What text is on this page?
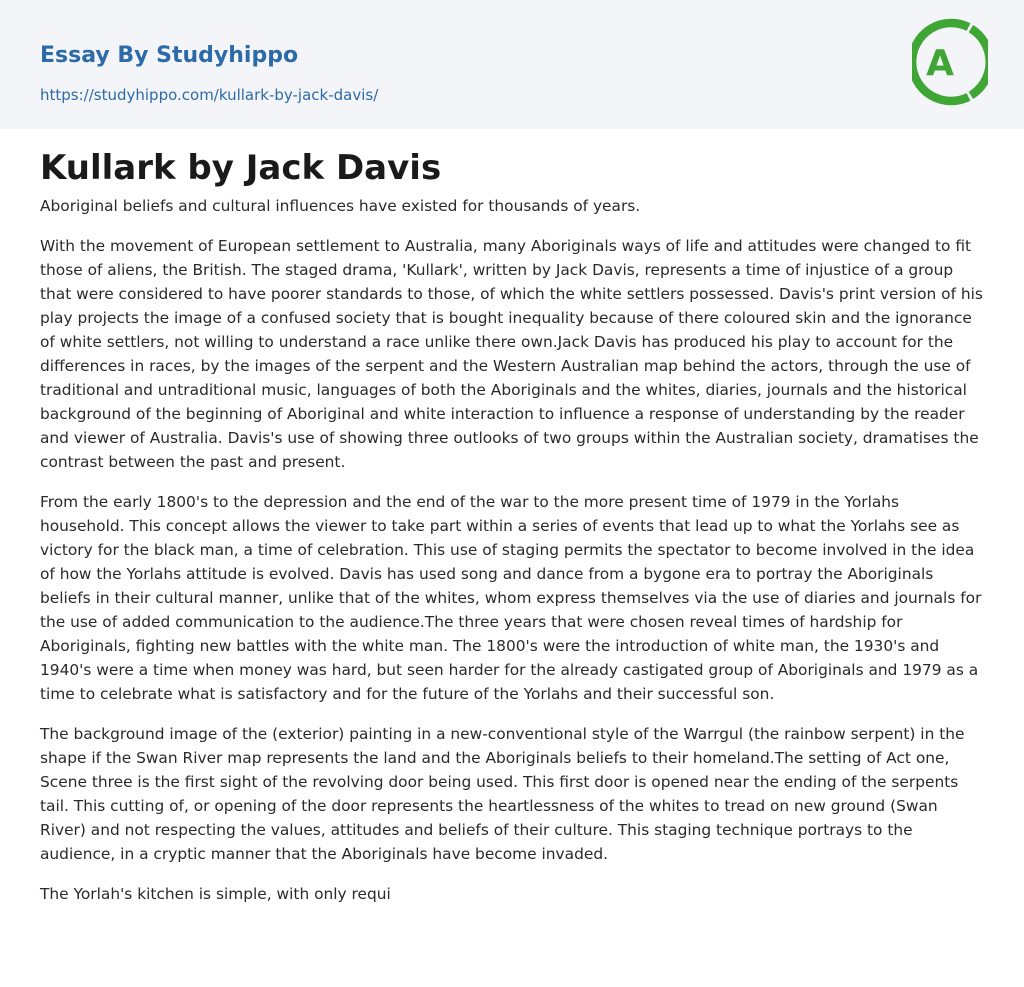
Essay By Studyhippo
https://studyhippo.com/kullark-by-jack-davis/
A
Kullark by Jack Davis

Aboriginal beliefs and cultural influences have existed for thousands of years.

With the movement of European settlement to Australia, many Aboriginals ways of life and attitudes were changed to fit those of aliens, the British. The staged drama, 'Kullark', written by Jack Davis, represents a time of injustice of a group that were considered to have poorer standards to those, of which the white settlers possessed. Davis's print version of his play projects the image of a confused society that is bought inequality because of there coloured skin and the ignorance of white settlers, not willing to understand a race unlike there own.Jack Davis has produced his play to account for the differences in races, by the images of the serpent and the Western Australian map behind the actors, through the use of traditional and untraditional music, languages of both the Aboriginals and the whites, diaries, journals and the historical background of the beginning of Aboriginal and white interaction to influence a response of understanding by the reader and viewer of Australia. Davis's use of showing three outlooks of two groups within the Australian society, dramatises the contrast between the past and present.

From the early 1800's to the depression and the end of the war to the more present time of 1979 in the Yorlahs household. This concept allows the viewer to take part within a series of events that lead up to what the Yorlahs see as victory for the black man, a time of celebration. This use of staging permits the spectator to become involved in the idea of how the Yorlahs attitude is evolved. Davis has used song and dance from a bygone era to portray the Aboriginals beliefs in their cultural manner, unlike that of the whites, whom express themselves via the use of diaries and journals for the use of added communication to the audience.The three years that were chosen reveal times of hardship for Aboriginals, fighting new battles with the white man. The 1800's were the introduction of white man, the 1930's and 1940's were a time when money was hard, but seen harder for the already castigated group of Aboriginals and 1979 as a time to celebrate what is satisfactory and for the future of the Yorlahs and their successful son.

The background image of the (exterior) painting in a new-conventional style of the Warrgul (the rainbow serpent) in the shape if the Swan River map represents the land and the Aboriginals beliefs to their homeland.The setting of Act one, Scene three is the first sight of the revolving door being used. This first door is opened near the ending of the serpents tail. This cutting of, or opening of the door represents the heartlessness of the whites to tread on new ground (Swan River) and not respecting the values, attitudes and beliefs of their culture. This staging technique portrays to the audience, in a cryptic manner that the Aboriginals have become invaded.

The Yorlah's kitchen is simple, with only requi
